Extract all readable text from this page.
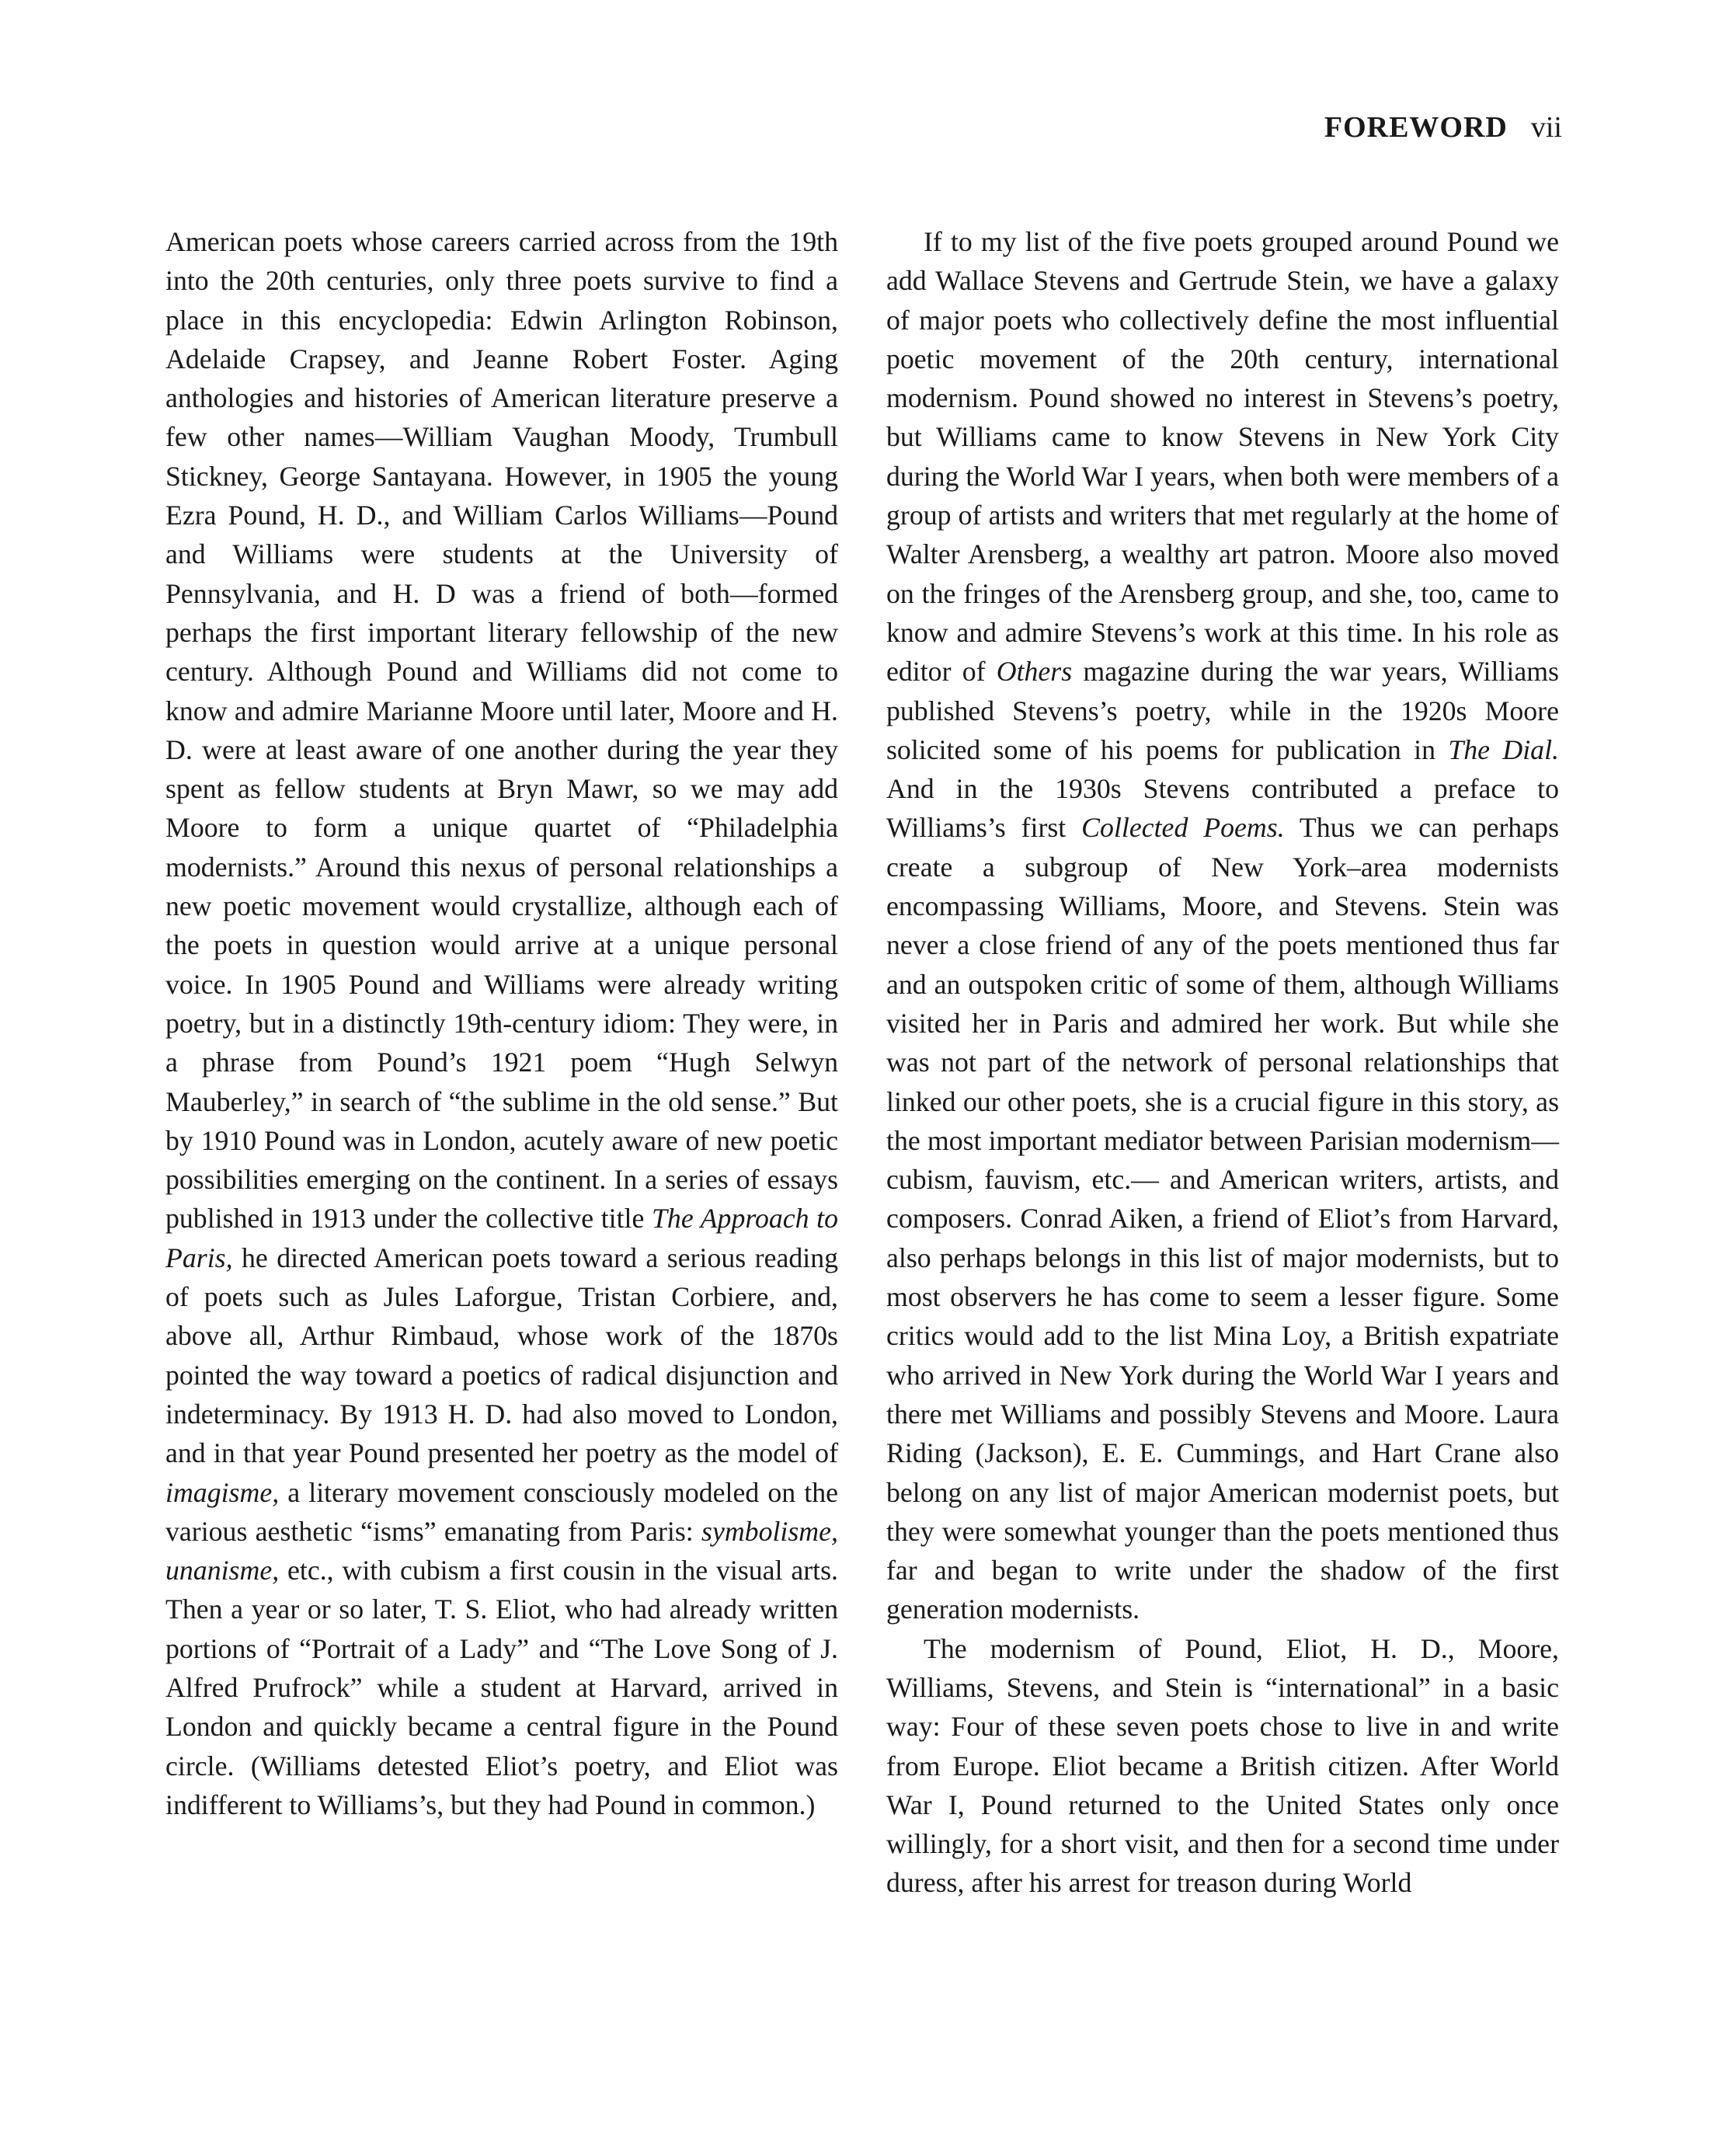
FOREWORD vii

American poets whose careers carried across from the 19th into the 20th centuries, only three poets survive to find a place in this encyclopedia: Edwin Arlington Robinson, Adelaide Crapsey, and Jeanne Robert Foster. Aging anthologies and histories of American literature preserve a few other names—William Vaughan Moody, Trumbull Stickney, George Santayana. However, in 1905 the young Ezra Pound, H. D., and William Carlos Williams—Pound and Williams were students at the University of Pennsylvania, and H. D was a friend of both—formed perhaps the first important literary fellowship of the new century. Although Pound and Williams did not come to know and admire Marianne Moore until later, Moore and H. D. were at least aware of one another during the year they spent as fellow students at Bryn Mawr, so we may add Moore to form a unique quartet of “Philadelphia modernists.” Around this nexus of personal relationships a new poetic movement would crystallize, although each of the poets in question would arrive at a unique personal voice. In 1905 Pound and Williams were already writing poetry, but in a distinctly 19th-century idiom: They were, in a phrase from Pound’s 1921 poem “Hugh Selwyn Mauberley,” in search of “the sublime in the old sense.” But by 1910 Pound was in London, acutely aware of new poetic possibilities emerging on the continent. In a series of essays published in 1913 under the collective title The Approach to Paris, he directed American poets toward a serious reading of poets such as Jules Laforgue, Tristan Corbiere, and, above all, Arthur Rimbaud, whose work of the 1870s pointed the way toward a poetics of radical disjunction and indeterminacy. By 1913 H. D. had also moved to London, and in that year Pound presented her poetry as the model of imagisme, a literary movement consciously modeled on the various aesthetic “isms” emanating from Paris: symbolisme, unanisme, etc., with cubism a first cousin in the visual arts. Then a year or so later, T. S. Eliot, who had already written portions of “Portrait of a Lady” and “The Love Song of J. Alfred Prufrock” while a student at Harvard, arrived in London and quickly became a central figure in the Pound circle. (Williams detested Eliot’s poetry, and Eliot was indifferent to Williams’s, but they had Pound in common.)

If to my list of the five poets grouped around Pound we add Wallace Stevens and Gertrude Stein, we have a galaxy of major poets who collectively define the most influential poetic movement of the 20th century, international modernism. Pound showed no interest in Stevens’s poetry, but Williams came to know Stevens in New York City during the World War I years, when both were members of a group of artists and writers that met regularly at the home of Walter Arensberg, a wealthy art patron. Moore also moved on the fringes of the Arensberg group, and she, too, came to know and admire Stevens’s work at this time. In his role as editor of Others magazine during the war years, Williams published Stevens’s poetry, while in the 1920s Moore solicited some of his poems for publication in The Dial. And in the 1930s Stevens contributed a preface to Williams’s first Collected Poems. Thus we can perhaps create a subgroup of New York–area modernists encompassing Williams, Moore, and Stevens. Stein was never a close friend of any of the poets mentioned thus far and an outspoken critic of some of them, although Williams visited her in Paris and admired her work. But while she was not part of the network of personal relationships that linked our other poets, she is a crucial figure in this story, as the most important mediator between Parisian modernism—cubism, fauvism, etc.— and American writers, artists, and composers. Conrad Aiken, a friend of Eliot’s from Harvard, also perhaps belongs in this list of major modernists, but to most observers he has come to seem a lesser figure. Some critics would add to the list Mina Loy, a British expatriate who arrived in New York during the World War I years and there met Williams and possibly Stevens and Moore. Laura Riding (Jackson), E. E. Cummings, and Hart Crane also belong on any list of major American modernist poets, but they were somewhat younger than the poets mentioned thus far and began to write under the shadow of the first generation modernists.

The modernism of Pound, Eliot, H. D., Moore, Williams, Stevens, and Stein is “international” in a basic way: Four of these seven poets chose to live in and write from Europe. Eliot became a British citizen. After World War I, Pound returned to the United States only once willingly, for a short visit, and then for a second time under duress, after his arrest for treason during World
